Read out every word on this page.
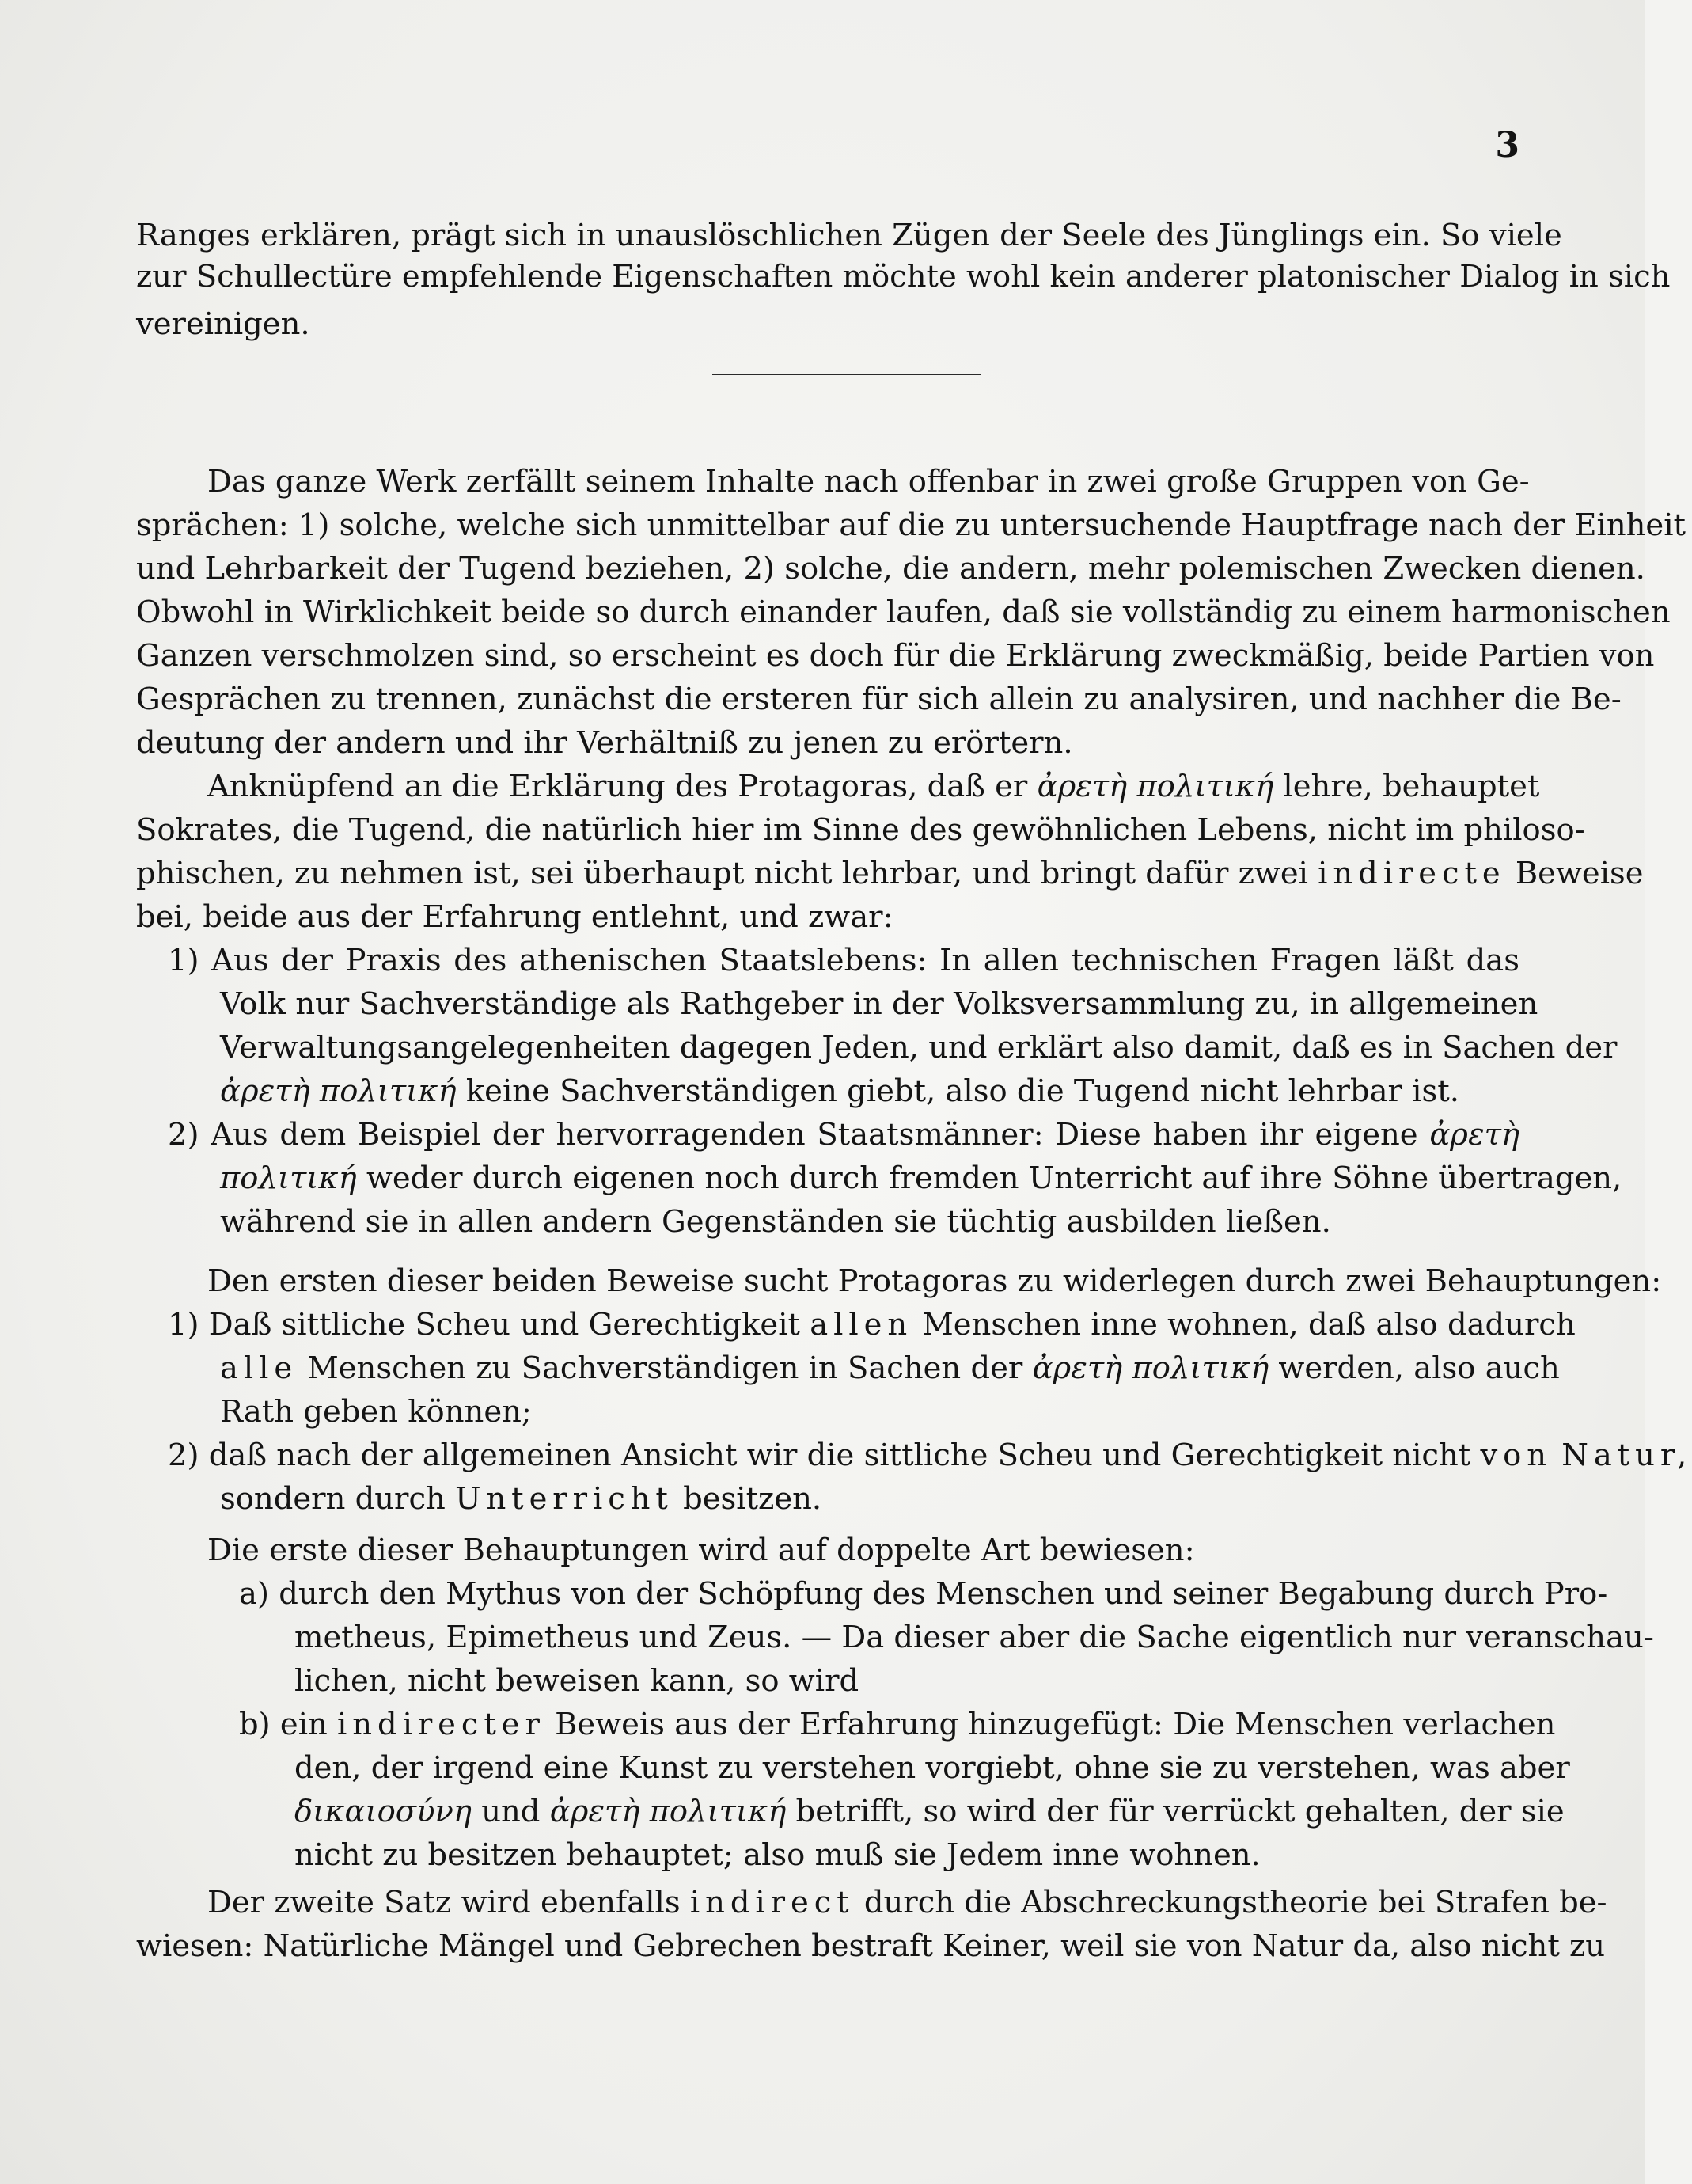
3
Ranges erklären, prägt sich in unauslöschlichen Zügen der Seele des Jünglings ein. So viele
zur Schullectüre empfehlende Eigenschaften möchte wohl kein anderer platonischer Dialog in sich
vereinigen.
Das ganze Werk zerfällt seinem Inhalte nach offenbar in zwei große Gruppen von Ge-
sprächen: 1) solche, welche sich unmittelbar auf die zu untersuchende Hauptfrage nach der Einheit
und Lehrbarkeit der Tugend beziehen, 2) solche, die andern, mehr polemischen Zwecken dienen.
Obwohl in Wirklichkeit beide so durch einander laufen, daß sie vollständig zu einem harmonischen
Ganzen verschmolzen sind, so erscheint es doch für die Erklärung zweckmäßig, beide Partien von
Gesprächen zu trennen, zunächst die ersteren für sich allein zu analysiren, und nachher die Be-
deutung der andern und ihr Verhältniß zu jenen zu erörtern.
Anknüpfend an die Erklärung des Protagoras, daß er ἀρετὴ πολιτική lehre, behauptet
Sokrates, die Tugend, die natürlich hier im Sinne des gewöhnlichen Lebens, nicht im philoso-
phischen, zu nehmen ist, sei überhaupt nicht lehrbar, und bringt dafür zwei indirecte Beweise
bei, beide aus der Erfahrung entlehnt, und zwar:
1) Aus der Praxis des athenischen Staatslebens: In allen technischen Fragen läßt das
Volk nur Sachverständige als Rathgeber in der Volksversammlung zu, in allgemeinen
Verwaltungsangelegenheiten dagegen Jeden, und erklärt also damit, daß es in Sachen der
ἀρετὴ πολιτική keine Sachverständigen giebt, also die Tugend nicht lehrbar ist.
2) Aus dem Beispiel der hervorragenden Staatsmänner: Diese haben ihr eigene ἀρετὴ
πολιτική weder durch eigenen noch durch fremden Unterricht auf ihre Söhne übertragen,
während sie in allen andern Gegenständen sie tüchtig ausbilden ließen.
Den ersten dieser beiden Beweise sucht Protagoras zu widerlegen durch zwei Behauptungen:
1) Daß sittliche Scheu und Gerechtigkeit allen Menschen inne wohnen, daß also dadurch
alle Menschen zu Sachverständigen in Sachen der ἀρετὴ πολιτική werden, also auch
Rath geben können;
2) daß nach der allgemeinen Ansicht wir die sittliche Scheu und Gerechtigkeit nicht von Natur,
sondern durch Unterricht besitzen.
Die erste dieser Behauptungen wird auf doppelte Art bewiesen:
a) durch den Mythus von der Schöpfung des Menschen und seiner Begabung durch Pro-
metheus, Epimetheus und Zeus. — Da dieser aber die Sache eigentlich nur veranschau-
lichen, nicht beweisen kann, so wird
b) ein indirecter Beweis aus der Erfahrung hinzugefügt: Die Menschen verlachen
den, der irgend eine Kunst zu verstehen vorgiebt, ohne sie zu verstehen, was aber
δικαιοσύνη und ἀρετὴ πολιτική betrifft, so wird der für verrückt gehalten, der sie
nicht zu besitzen behauptet; also muß sie Jedem inne wohnen.
Der zweite Satz wird ebenfalls indirect durch die Abschreckungstheorie bei Strafen be-
wiesen: Natürliche Mängel und Gebrechen bestraft Keiner, weil sie von Natur da, also nicht zu
